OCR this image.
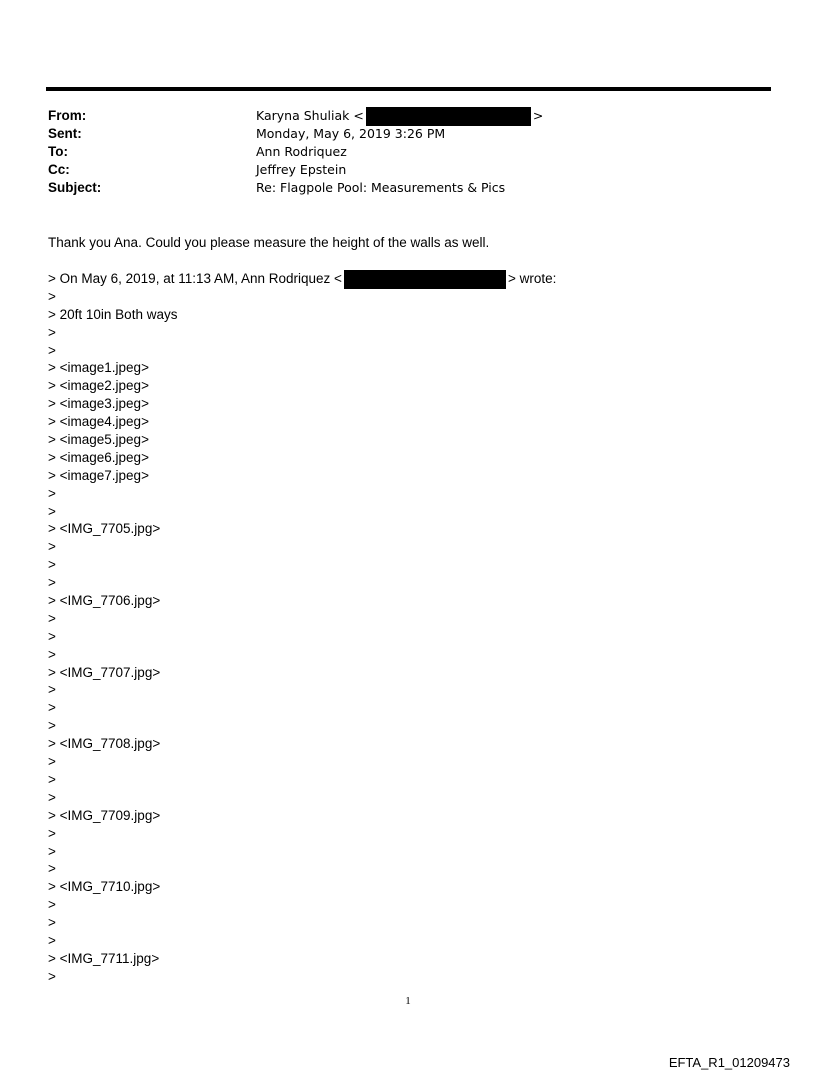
From:	Karyna Shuliak <	>
Sent:	Monday, May 6, 2019 3:26 PM
To:	Ann Rodriquez
Cc:	Jeffrey Epstein
Subject:	Re: Flagpole Pool: Measurements & Pics
Thank you Ana. Could you please measure the height of the walls as well.
> On May 6, 2019, at 11:13 AM, Ann Rodriquez <	> wrote:
>
> 20ft 10in Both ways
>
>
> <image1.jpeg>
> <image2.jpeg>
> <image3.jpeg>
> <image4.jpeg>
> <image5.jpeg>
> <image6.jpeg>
> <image7.jpeg>
>
>
> <IMG_7705.jpg>
>
>
>
> <IMG_7706.jpg>
>
>
>
> <IMG_7707.jpg>
>
>
>
> <IMG_7708.jpg>
>
>
>
> <IMG_7709.jpg>
>
>
>
> <IMG_7710.jpg>
>
>
>
> <IMG_7711.jpg>
>
1
EFTA_R1_01209473
